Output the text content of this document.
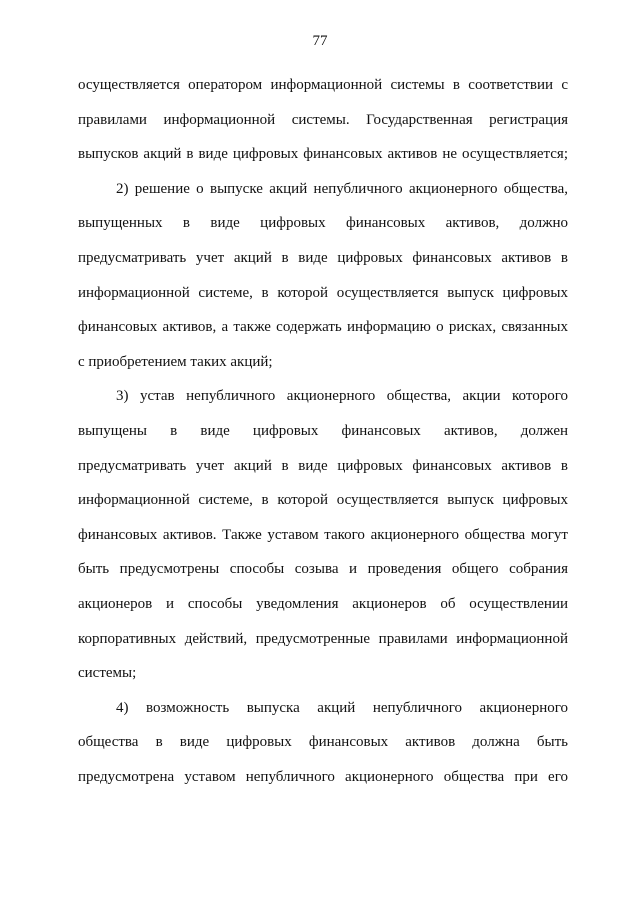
77
осуществляется оператором информационной системы в соответствии с
правилами информационной системы. Государственная регистрация
выпусков акций в виде цифровых финансовых активов не осуществляется;
2) решение о выпуске акций непубличного акционерного общества,
выпущенных в виде цифровых финансовых активов, должно
предусматривать учет акций в виде цифровых финансовых активов в
информационной системе, в которой осуществляется выпуск цифровых
финансовых активов, а также содержать информацию о рисках, связанных
с приобретением таких акций;
3) устав непубличного акционерного общества, акции которого
выпущены в виде цифровых финансовых активов, должен
предусматривать учет акций в виде цифровых финансовых активов в
информационной системе, в которой осуществляется выпуск цифровых
финансовых активов. Также уставом такого акционерного общества могут
быть предусмотрены способы созыва и проведения общего собрания
акционеров и способы уведомления акционеров об осуществлении
корпоративных действий, предусмотренные правилами информационной
системы;
4) возможность выпуска акций непубличного акционерного
общества в виде цифровых финансовых активов должна быть
предусмотрена уставом непубличного акционерного общества при его
